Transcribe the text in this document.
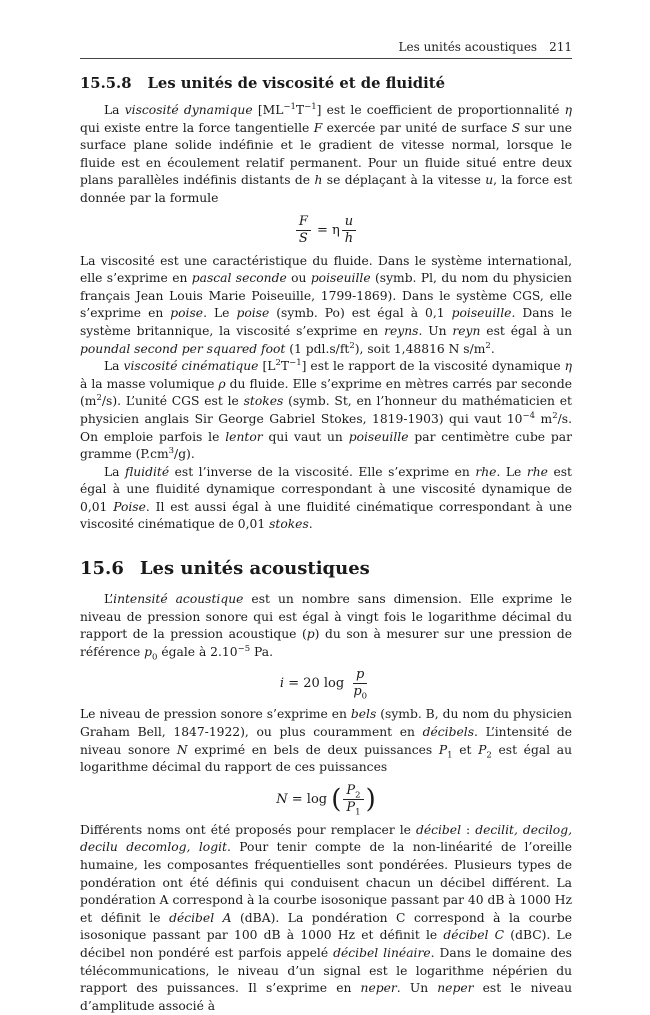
Les unités acoustiques 211
15.5.8 Les unités de viscosité et de fluidité

La viscosité dynamique $[ML^{-1}T^{-1}]$ est le coefficient de proportionnalité η qui existe entre la force tangentielle F exercée par unité de surface S sur une surface plane solide indéfinie et le gradient de vitesse normal, lorsque le fluide est en écoulement relatif permanent. Pour un fluide situé entre deux plans parallèles indéfinis distants de h se déplaçant à la vitesse u, la force est donnée par la formule

$\frac{F}{S} = \eta \frac{u}{h}$

La viscosité est une caractéristique du fluide. Dans le système international, elle s’exprime en pascal seconde ou poiseuille (symb. Pl, du nom du physicien français Jean Louis Marie Poiseuille, 1799-1869). Dans le système CGS, elle s’exprime en poise. Le poise (symb. Po) est égal à 0,1 poiseuille. Dans le système britannique, la viscosité s’exprime en reyns. Un reyn est égal à un poundal second per squared foot (1 $pdl.s/ft^2$), soit 1,48816 N $s/m^2$.

La viscosité cinématique $[L^2T^{-1}]$ est le rapport de la viscosité dynamique η à la masse volumique ρ du fluide. Elle s’exprime en mètres carrés par seconde $(m^2/s)$. L’unité CGS est le stokes (symb. St, en l’honneur du mathématicien et physicien anglais Sir George Gabriel Stokes, 1819-1903) qui vaut $10^{-4}$ $m^2/s$. On emploie parfois le lentor qui vaut un poiseuille par centimètre cube par gramme $(P.cm^3/g)$.

La fluidité est l’inverse de la viscosité. Elle s’exprime en rhe. Le rhe est égal à une fluidité dynamique correspondant à une viscosité dynamique de 0,01 Poise. Il est aussi égal à une fluidité cinématique correspondant à une viscosité cinématique de 0,01 stokes.

15.6 Les unités acoustiques

L’intensité acoustique est un nombre sans dimension. Elle exprime le niveau de pression sonore qui est égal à vingt fois le logarithme décimal du rapport de la pression acoustique (p) du son à mesurer sur une pression de référence $p_0$ égale à $2.10^{-5}$ Pa.

i = 20 $\log \frac{p}{p_0}$

Le niveau de pression sonore s’exprime en bels (symb. B, du nom du physicien Graham Bell, 1847-1922), ou plus couramment en décibels. L’intensité de niveau sonore N exprimé en bels de deux puissances $P_1$ et $P_2$ est égal au logarithme décimal du rapport de ces puissances

N = log ( $\frac{P_2}{P_1}$ )

Différents noms ont été proposés pour remplacer le décibel : decilit, decilog, decilu decomlog, logit. Pour tenir compte de la non-linéarité de l’oreille humaine, les composantes fréquentielles sont pondérées. Plusieurs types de pondération ont été définis qui conduisent chacun un décibel différent. La pondération A correspond à la courbe isosonique passant par 40 dB à 1000 Hz et définit le décibel A (dBA). La pondération C correspond à la courbe isosonique passant par 100 dB à 1000 Hz et définit le décibel C (dBC). Le décibel non pondéré est parfois appelé décibel linéaire. Dans le domaine des télécommunications, le niveau d’un signal est le logarithme népérien du rapport des puissances. Il s’exprime en neper. Un neper est le niveau d’amplitude associé à
